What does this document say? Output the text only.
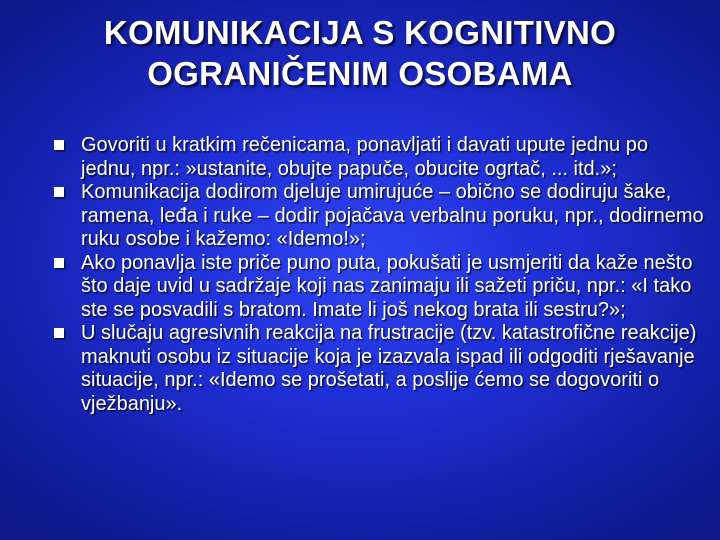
KOMUNIKACIJA S KOGNITIVNO
OGRANIČENIM OSOBAMA
Govoriti u kratkim rečenicama, ponavljati i davati upute jednu po jednu, npr.: »ustanite, obujte papuče, obucite ogrtač, ... itd.»;
Komunikacija dodirom djeluje umirujuće – obično se dodiruju šake, ramena, leđa i ruke – dodir pojačava verbalnu poruku, npr., dodirnemo ruku osobe i kažemo: «Idemo!»;
Ako ponavlja iste priče puno puta, pokušati je usmjeriti da kaže nešto što daje uvid u sadržaje koji nas zanimaju ili sažeti priču, npr.: «I tako ste se posvadili s bratom. Imate li još nekog brata ili sestru?»;
U slučaju agresivnih reakcija na frustracije (tzv. katastrofične reakcije) maknuti osobu iz situacije koja je izazvala ispad ili odgoditi rješavanje situacije, npr.: «Idemo se prošetati, a poslije ćemo se dogovoriti o vježbanju».
